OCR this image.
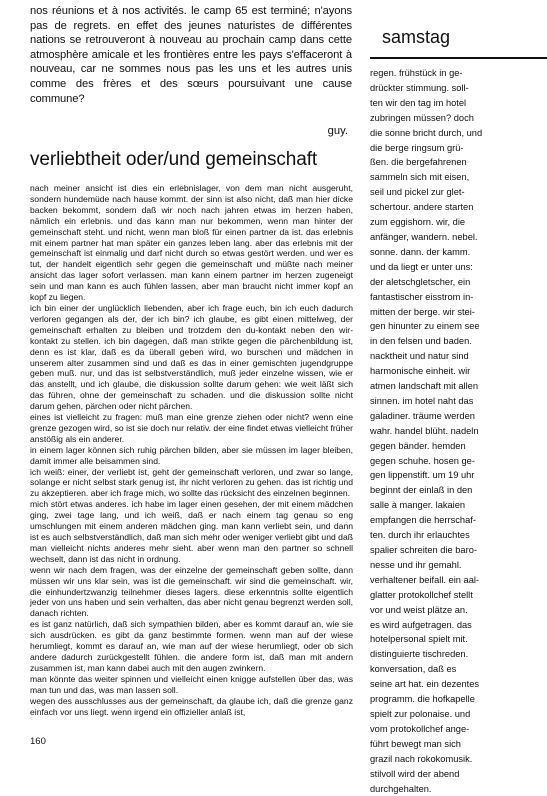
nos réunions et à nos activités. le camp 65 est terminé; n'ayons pas de regrets. en effet des jeunes naturistes de différentes nations se retrouveront à nouveau au prochain camp dans cette atmosphère amicale et les frontières entre les pays s'effaceront à nouveau, car ne sommes nous pas les uns et les autres unis comme des frères et des sœurs poursuivant une cause commune?

guy.

verliebtheit oder/und gemeinschaft

nach meiner ansicht ist dies ein erlebnislager, von dem man nicht ausgeruht, sondern hundemüde nach hause kommt. der sinn ist also nicht, daß man hier dicke backen bekommt, sondern daß wir noch nach jahren etwas im herzen haben, nämlich ein erlebnis. und das kann man nur bekommen, wenn man hinter der gemeinschaft steht. und nicht, wenn man bloß für einen partner da ist. das erlebnis mit einem partner hat man später ein ganzes leben lang. aber das erlebnis mit der gemeinschaft ist einmalig und darf nicht durch so etwas gestört werden. und wer es tut, der handelt eigentlich sehr gegen die gemeinschaft und müßte nach meiner ansicht das lager sofort verlassen. man kann einem partner im herzen zugeneigt sein und man kann es auch fühlen lassen, aber man braucht nicht immer kopf an kopf zu liegen.

ich bin einer der unglücklich liebenden, aber ich frage euch, bin ich euch dadurch verloren gegangen als der, der ich bin? ich glaube, es gibt einen mittelweg, der gemeinschaft erhalten zu bleiben und trotzdem den du-kontakt neben den wir-kontakt zu stellen. ich bin dagegen, daß man strikte gegen die pärchenbildung ist, denn es ist klar, daß es da überall geben wird, wo burschen und mädchen in unserem alter zusammen sind und daß es das in einer gemischten jugendgruppe geben muß. nur, und das ist selbstverständlich, muß jeder einzelne wissen, wie er das anstellt, und ich glaube, die diskussion sollte darum gehen: wie weit läßt sich das führen, ohne der gemeinschaft zu schaden. und die diskussion sollte nicht darum gehen, pärchen oder nicht pärchen.

eines ist vielleicht zu fragen: muß man eine grenze ziehen oder nicht? wenn eine grenze gezogen wird, so ist sie doch nur relativ. der eine findet etwas vielleicht früher anstößig als ein anderer.

in einem lager können sich ruhig pärchen bilden, aber sie müssen im lager bleiben, damit immer alle beisammen sind.

ich weiß: einer, der verliebt ist, geht der gemeinschaft verloren, und zwar so lange, solange er nicht selbst stark genug ist, ihr nicht verloren zu gehen. das ist richtig und zu akzeptieren. aber ich frage mich, wo sollte das rücksicht des einzelnen beginnen.

mich stört etwas anderes. ich habe im lager einen gesehen, der mit einem mädchen ging, zwei tage lang, und ich weiß, daß er nach einem tag genau so eng umschlungen mit einem anderen mädchen ging. man kann verliebt sein, und dann ist es auch selbstverständlich, daß man sich mehr oder weniger verliebt gibt und daß man vielleicht nichts anderes mehr sieht. aber wenn man den partner so schnell wechselt, dann ist das nicht in ordnung.

wenn wir nach dem fragen, was der einzelne der gemeinschaft geben sollte, dann müssen wir uns klar sein, was ist die gemeinschaft. wir sind die gemeinschaft. wir, die einhundertzwanzig teilnehmer dieses lagers. diese erkenntnis sollte eigentlich jeder von uns haben und sein verhalten, das aber nicht genau begrenzt werden soll, danach richten.

es ist ganz natürlich, daß sich sympathien bilden, aber es kommt darauf an, wie sie sich ausdrücken. es gibt da ganz bestimmte formen. wenn man auf der wiese herumliegt, kommt es darauf an, wie man auf der wiese herumliegt, oder ob sich andere dadurch zurückgestellt fühlen. die andere form ist, daß man mit andern zusammen ist, man kann dabei auch mit den augen zwinkern.

man könnte das weiter spinnen und vielleicht einen knigge aufstellen über das, was man tun und das, was man lassen soll.

wegen des ausschlusses aus der gemeinschaft, da glaube ich, daß die grenze ganz einfach vor uns liegt. wenn irgend ein offizieller anlaß ist,

160

samstag
regen. frühstück in ge-
drückter stimmung. soll-
ten wir den tag im hotel
zubringen müssen? doch
die sonne bricht durch, und
die berge ringsum grü-
ßen. die bergefahrenen
sammeln sich mit eisen,
seil und pickel zur glet-
schertour. andere starten
zum eggishorn. wir, die
anfänger, wandern. nebel.
sonne. dann. der kamm.
und da liegt er unter uns:
der aletschgletscher, ein
fantastischer eisstrom in-
mitten der berge. wir stei-
gen hinunter zu einem see
in den felsen und baden.
nacktheit und natur sind
harmonische einheit. wir
atmen landschaft mit allen
sinnen. im hotel naht das
galadiner. träume werden
wahr. handel blüht. nadeln
gegen bänder. hemden
gegen schuhe. hosen ge-
gen lippenstift. um 19 uhr
beginnt der einlaß in den
salle à manger. lakaien
empfangen die herrschaf-
ten. durch ihr erlauchtes
spalier schreiten die baro-
nesse und ihr gemahl.
verhaltener beifall. ein aal-
glatter protokollchef stellt
vor und weist plätze an.
es wird aufgetragen. das
hotelpersonal spielt mit.
distinguierte tischreden.
konversation, daß es
seine art hat. ein dezentes
programm. die hofkapelle
spielt zur polonaise. und
vom protokollchef ange-
führt bewegt man sich
grazil nach rokokomusik.
stilvoll wird der abend
durchgehalten.
